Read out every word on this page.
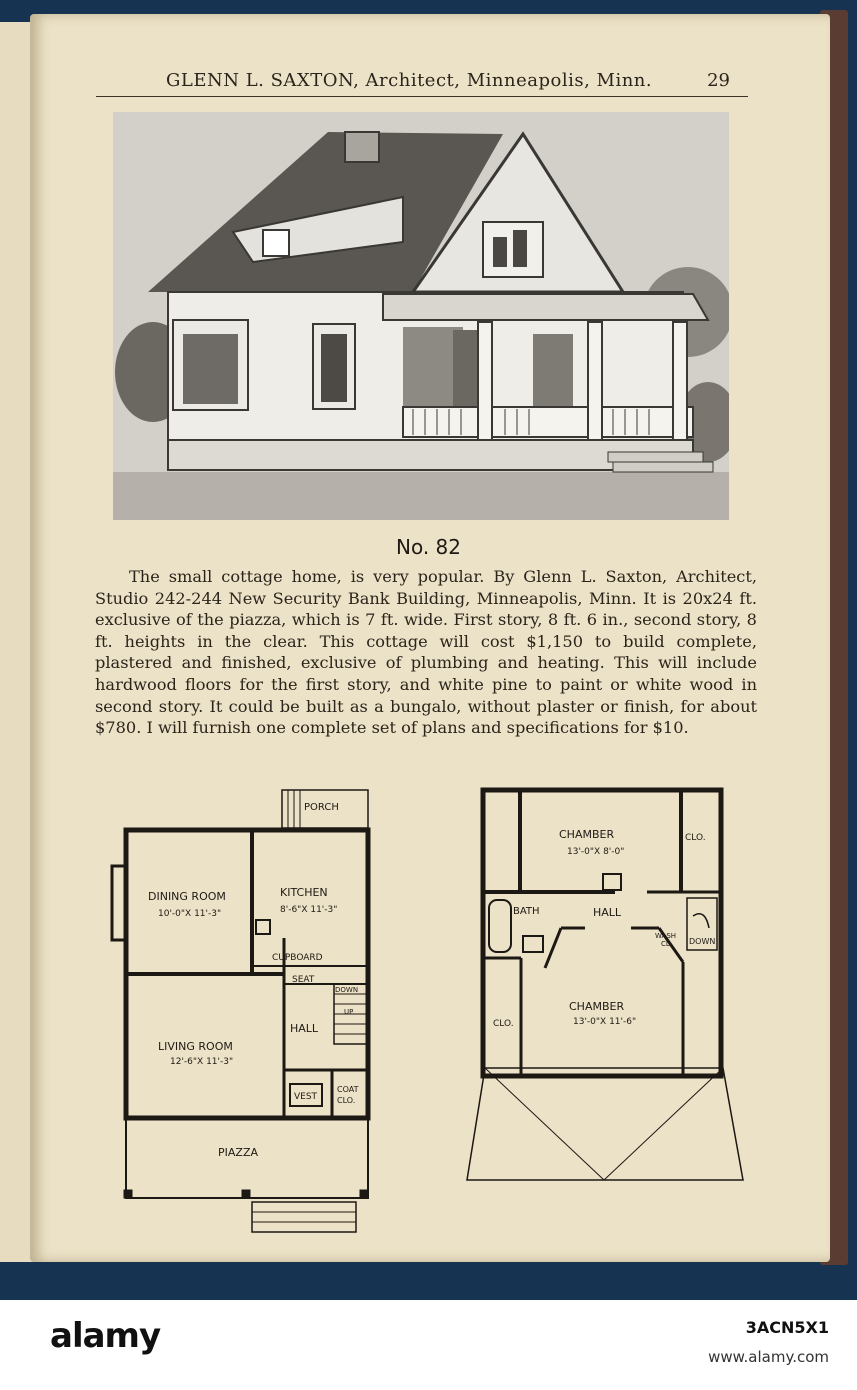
GLENN L. SAXTON, Architect, Minneapolis, Minn.	29
No. 82

The small cottage home, is very popular. By Glenn L. Saxton, Architect, Studio 242-244 New Security Bank Building, Minneapolis, Minn. It is 20x24 ft. exclusive of the piazza, which is 7 ft. wide. First story, 8 ft. 6 in., second story, 8 ft. heights in the clear. This cottage will cost $1,150 to build complete, plastered and finished, exclusive of plumbing and heating. This will include hardwood floors for the first story, and white pine to paint or white wood in second story. It could be built as a bungalo, without plaster or finish, for about $780. I will furnish one complete set of plans and specifications for $10.

PORCH
DINING ROOM
10'-0"X 11'-3"
KITCHEN
8'-6"X 11'-3"
CUPBOARD
SEAT
DOWN
UP
HALL
LIVING ROOM
12'-6"X 11'-3"
VEST
COAT
CLO.
PIAZZA
CHAMBER
13'-0"X 8'-0"
CLO.
BATH	HALL
WASH
CL. DOWN
CLO.
CHAMBER
13'-0"X 11'-6"
alamy	3ACN5X1
www.alamy.com
